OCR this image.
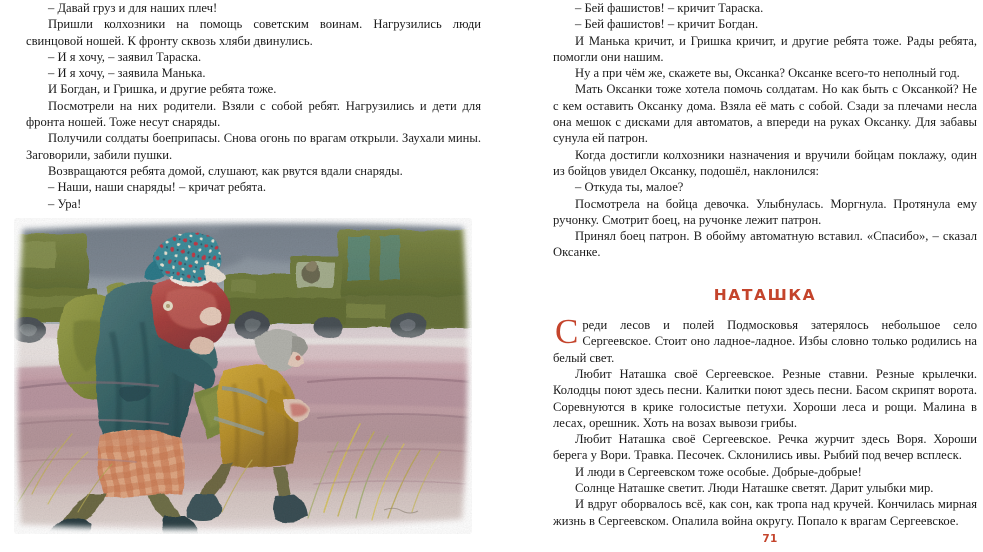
– Давай груз и для наших плеч!

Пришли колхозники на помощь советским воинам. Нагрузились люди свинцовой ношей. К фронту сквозь хляби двинулись.

– И я хочу, – заявил Тараска.

– И я хочу, – заявила Манька.

И Богдан, и Гришка, и другие ребята тоже.

Посмотрели на них родители. Взяли с собой ребят. Нагрузились и дети для фронта ношей. Тоже несут снаряды.

Получили солдаты боеприпасы. Снова огонь по врагам открыли. Заухали мины. Заговорили, забили пушки.

Возвращаются ребята домой, слушают, как рвутся вдали снаряды.

– Наши, наши снаряды! – кричат ребята.

– Ура!

– Бей фашистов! – кричит Тараска.

– Бей фашистов! – кричит Богдан.

И Манька кричит, и Гришка кричит, и другие ребята тоже. Рады ребята, помогли они нашим.

Ну а при чём же, скажете вы, Оксанка? Оксанке всего-то неполный год.

Мать Оксанки тоже хотела помочь солдатам. Но как быть с Оксанкой? Не с кем оставить Оксанку дома. Взяла её мать с собой. Сзади за плечами несла она мешок с дисками для автоматов, а впереди на руках Оксанку. Для забавы сунула ей патрон.

Когда достигли колхозники назначения и вручили бойцам поклажу, один из бойцов увидел Оксанку, подошёл, наклонился:

– Откуда ты, малое?

Посмотрела на бойца девочка. Улыбнулась. Моргнула. Протянула ему ручонку. Смотрит боец, на ручонке лежит патрон.

Принял боец патрон. В обойму автоматную вставил. «Спасибо», – сказал Оксанке.

НАТАШКА

Среди лесов и полей Подмосковья затерялось небольшое село Сергеевское. Стоит оно ладное-ладное. Избы словно только родились на белый свет.

Любит Наташка своё Сергеевское. Резные ставни. Резные крылечки. Колодцы поют здесь песни. Калитки поют здесь песни. Басом скрипят ворота. Соревнуются в крике голосистые петухи. Хороши леса и рощи. Малина в лесах, орешник. Хоть на возах вывози грибы.

Любит Наташка своё Сергеевское. Речка журчит здесь Воря. Хороши берега у Вори. Травка. Песочек. Склонились ивы. Рыбий под вечер всплеск.

И люди в Сергеевском тоже особые. Добрые-добрые!

Солнце Наташке светит. Люди Наташке светят. Дарит улыбки мир.

И вдруг оборвалось всё, как сон, как тропа над кручей. Кончилась мирная жизнь в Сергеевском. Опалила война округу. Попало к врагам Сергеевское.

71
